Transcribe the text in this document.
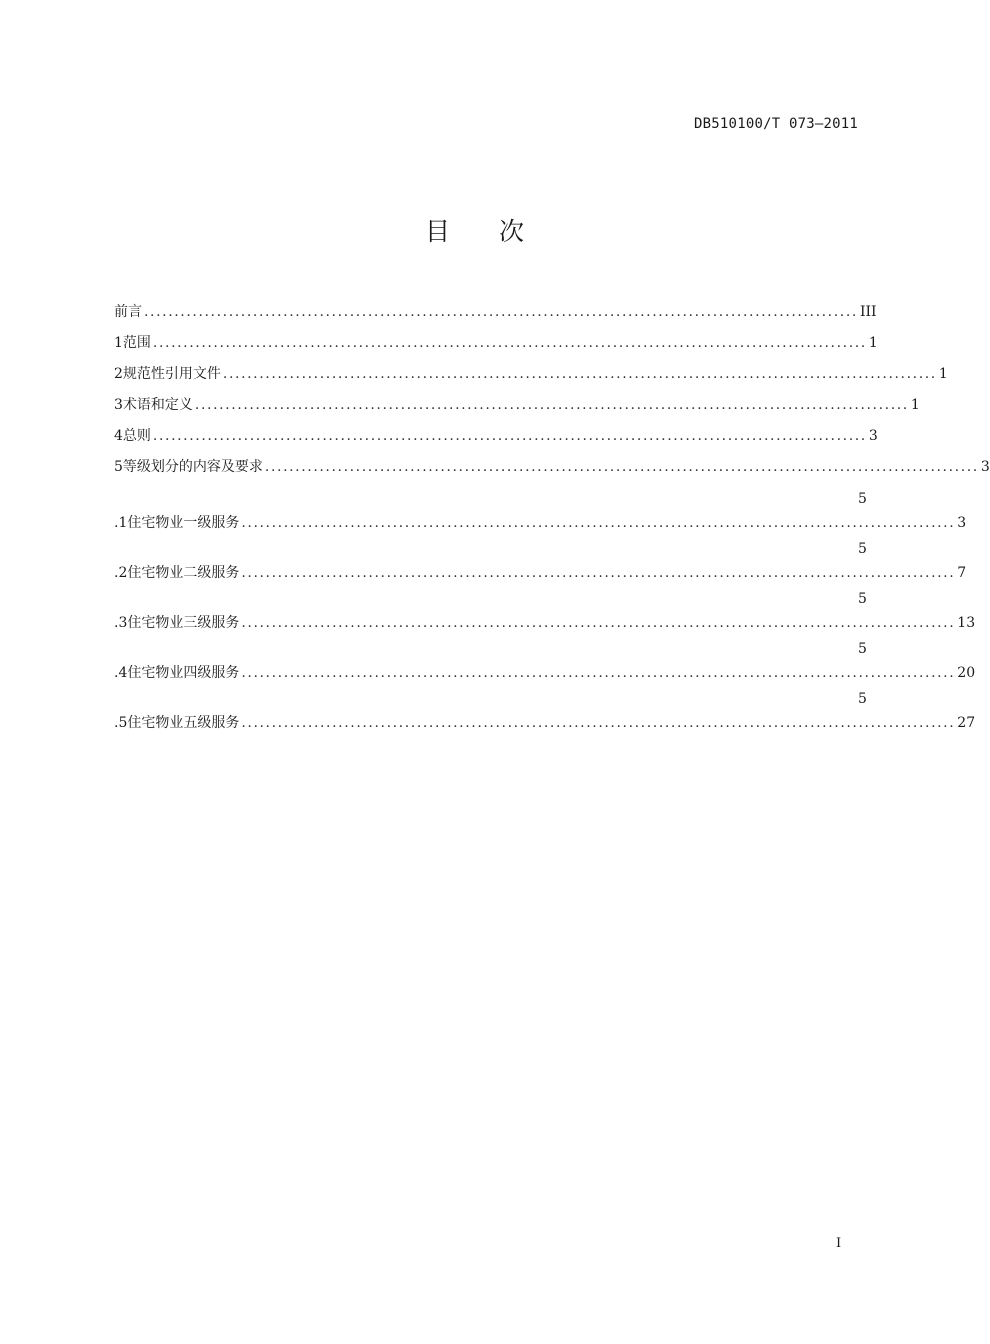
DB510100/T 073—2011
目 次
前言 ...................................................................................................................... III
1 范围 ...................................................................................................................... 1
2 规范性引用文件 ...................................................................................................................... 1
3 术语和定义 ...................................................................................................................... 1
4 总则 ...................................................................................................................... 3
5 等级划分的内容及要求 ...................................................................................................................... 3
5
.1 住宅物业一级服务 ...................................................................................................................... 3
5
.2 住宅物业二级服务 ...................................................................................................................... 7
5
.3 住宅物业三级服务 ...................................................................................................................... 13
5
.4 住宅物业四级服务 ...................................................................................................................... 20
5
.5 住宅物业五级服务 ...................................................................................................................... 27
I
